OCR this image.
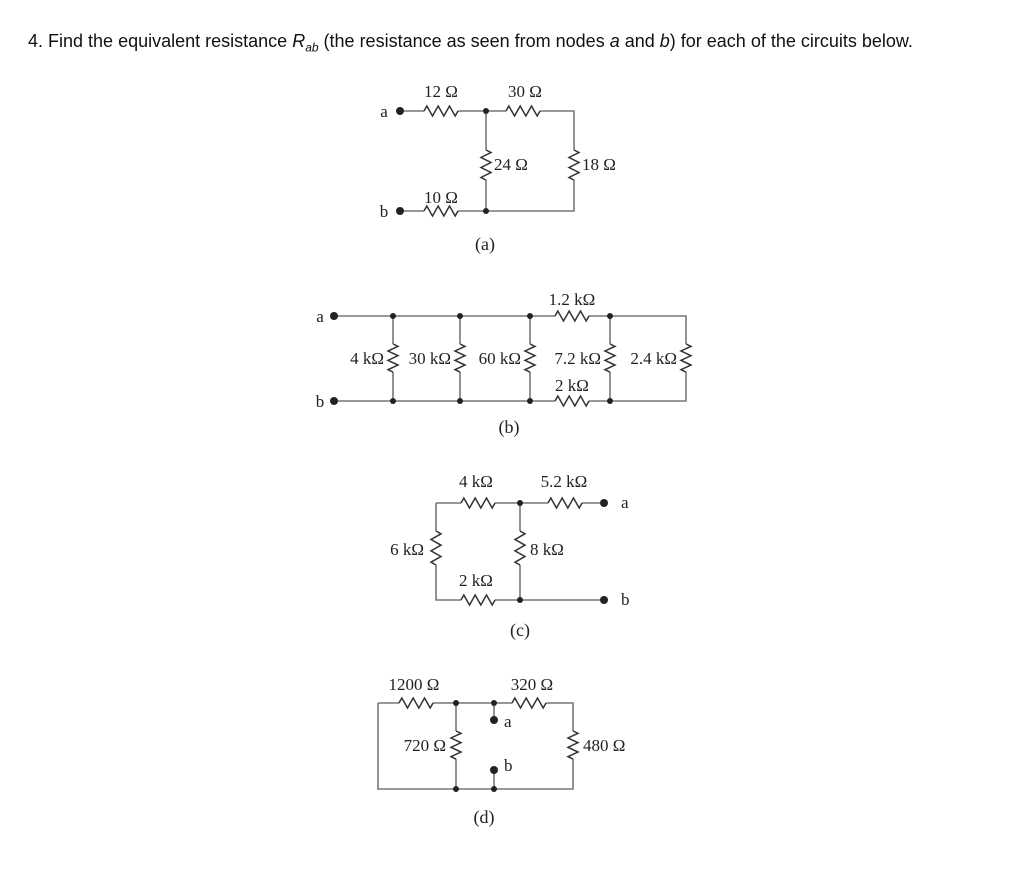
4. Find the equivalent resistance $R_{ab}$ (the resistance as seen from nodes a and b) for each of the circuits below.
a
b
12 Ω	30 Ω
24 Ω	18 Ω
10 Ω
(a)
a
b
1.2 kΩ
4 kΩ 30 kΩ 60 kΩ 7.2 kΩ 2.4 kΩ
2 kΩ
(b)
a
b
4 kΩ	5.2 kΩ
6 kΩ	8 kΩ
2 kΩ
(c)
a
b
1200 Ω	320 Ω
720 Ω	480 Ω
(d)
